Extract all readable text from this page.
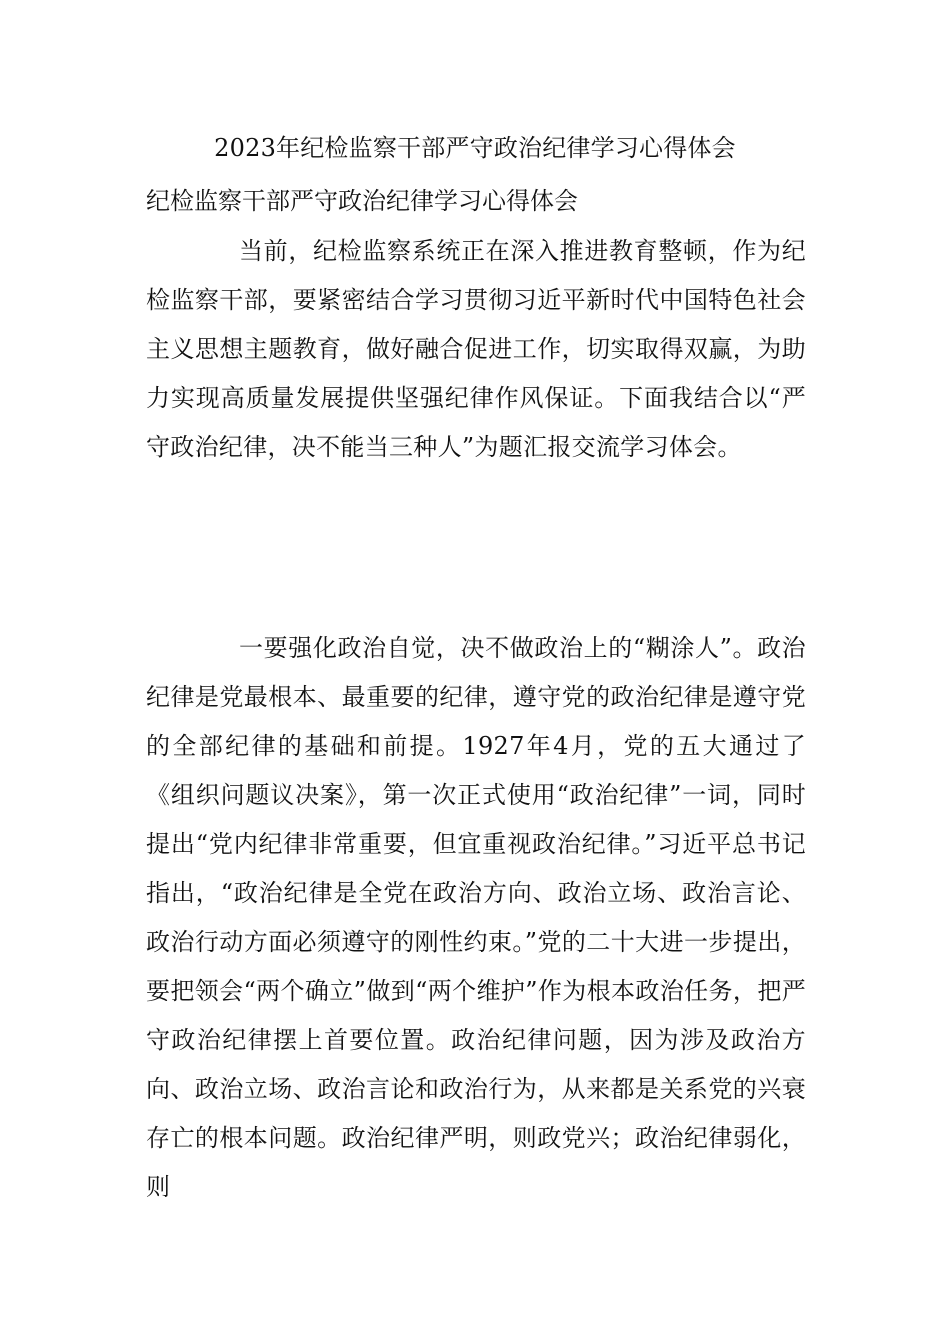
2023年纪检监察干部严守政治纪律学习心得体会
纪检监察干部严守政治纪律学习心得体会

当前，纪检监察系统正在深入推进教育整顿，作为纪检监察干部，要紧密结合学习贯彻习近平新时代中国特色社会主义思想主题教育，做好融合促进工作，切实取得双赢，为助力实现高质量发展提供坚强纪律作风保证。下面我结合以“严守政治纪律，决不能当三种人”为题汇报交流学习体会。

一要强化政治自觉，决不做政治上的“糊涂人”。政治纪律是党最根本、最重要的纪律，遵守党的政治纪律是遵守党的全部纪律的基础和前提。1927年4月，党的五大通过了《组织问题议决案》，第一次正式使用“政治纪律”一词，同时提出“党内纪律非常重要，但宜重视政治纪律。”习近平总书记指出，“政治纪律是全党在政治方向、政治立场、政治言论、政治行动方面必须遵守的刚性约束。”党的二十大进一步提出，要把领会“两个确立”做到“两个维护”作为根本政治任务，把严守政治纪律摆上首要位置。政治纪律问题，因为涉及政治方向、政治立场、政治言论和政治行为，从来都是关系党的兴衰存亡的根本问题。政治纪律严明，则政党兴；政治纪律弱化，则
